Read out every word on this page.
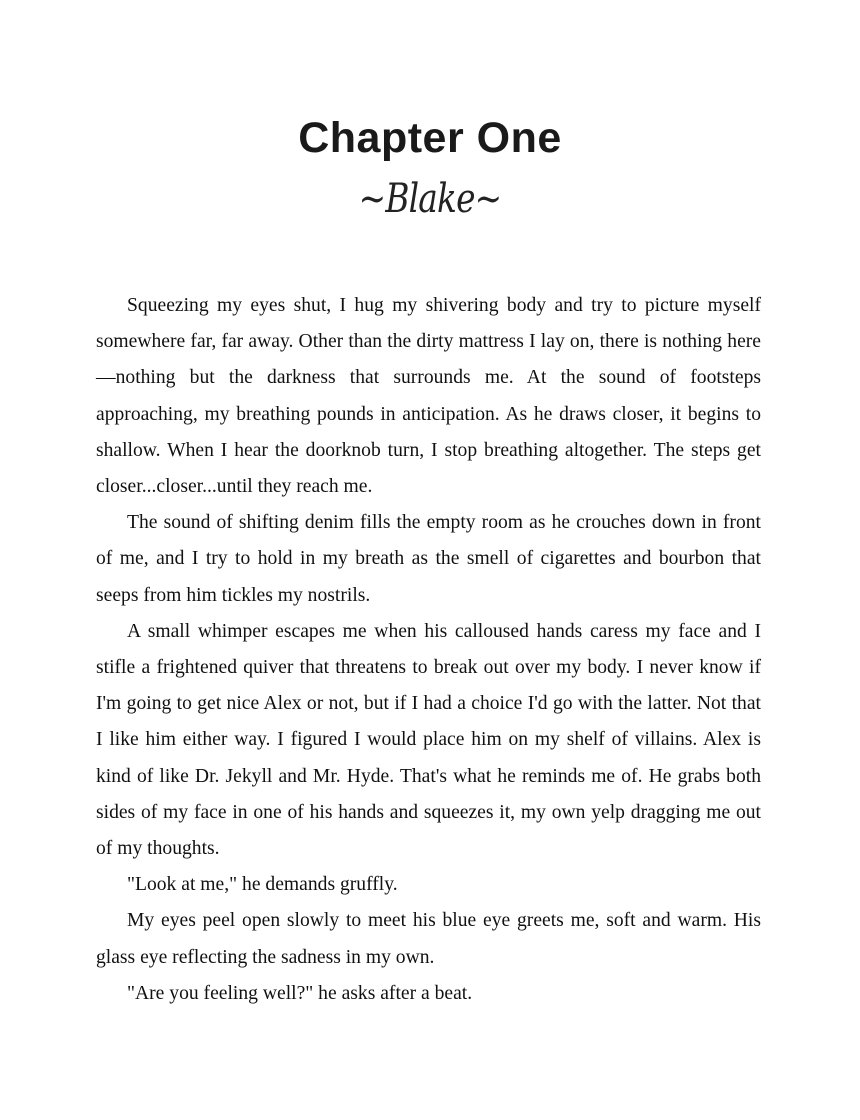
Chapter One
~Blake~

Squeezing my eyes shut, I hug my shivering body and try to picture myself somewhere far, far away. Other than the dirty mattress I lay on, there is nothing here—nothing but the darkness that surrounds me. At the sound of footsteps approaching, my breathing pounds in anticipation. As he draws closer, it begins to shallow. When I hear the doorknob turn, I stop breathing altogether. The steps get closer...closer...until they reach me.

The sound of shifting denim fills the empty room as he crouches down in front of me, and I try to hold in my breath as the smell of cigarettes and bourbon that seeps from him tickles my nostrils.

A small whimper escapes me when his calloused hands caress my face and I stifle a frightened quiver that threatens to break out over my body. I never know if I'm going to get nice Alex or not, but if I had a choice I'd go with the latter. Not that I like him either way. I figured I would place him on my shelf of villains. Alex is kind of like Dr. Jekyll and Mr. Hyde. That's what he reminds me of. He grabs both sides of my face in one of his hands and squeezes it, my own yelp dragging me out of my thoughts.

"Look at me," he demands gruffly.

My eyes peel open slowly to meet his blue eye greets me, soft and warm. His glass eye reflecting the sadness in my own.

"Are you feeling well?" he asks after a beat.
